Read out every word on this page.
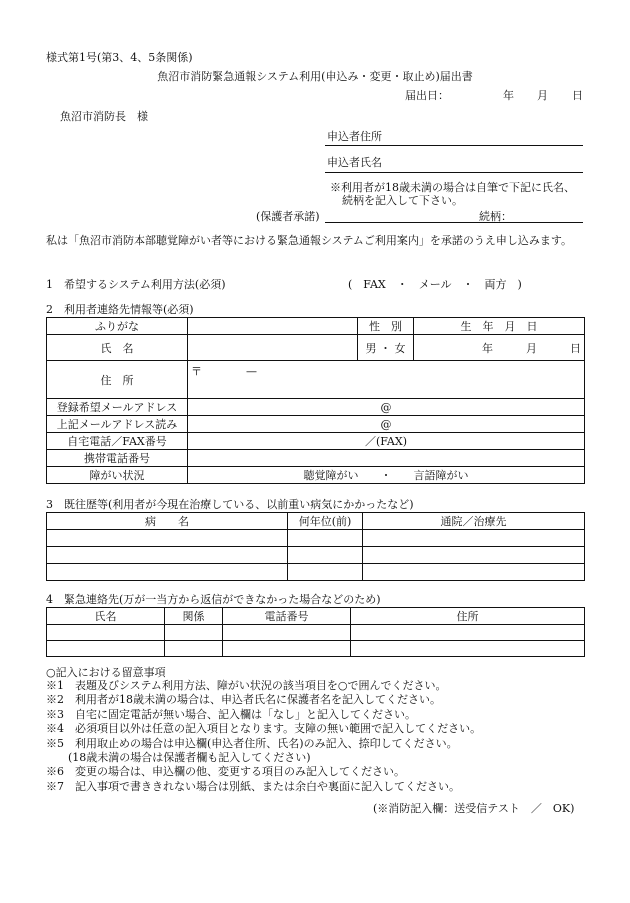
様式第1号(第3、4、5条関係)
魚沼市消防緊急通報システム利用(申込み・変更・取止め)届出書
届出日：	年 月 日
魚沼市消防長　様
申込者住所
申込者氏名
※利用者が18歳未満の場合は自筆で下記に氏名、
続柄を記入して下さい。
(保護者承諾)	続柄：
私は「魚沼市消防本部聴覚障がい者等における緊急通報システムご利用案内」を承諾のうえ申し込みます。
1　希望するシステム利用方法(必須)	(　FAX　・　メール　・　両方　)
2　利用者連絡先情報等(必須)
ふりがな		性　別	生　年　月　日
氏　名		男 ・ 女	年　　　 月　　　 日
住　所	〒　　　　—		
登録希望メールアドレス	@		
上記メールアドレス読み	@		
自宅電話／FAX番号	／(FAX)		
携帯電話番号			
障がい状況	聴覚障がい　　・　　言語障がい		
3　既往歴等(利用者が今現在治療している、以前重い病気にかかったなど)
病　　名	何年位(前)	通院／治療先

4　緊急連絡先(万が一当方から返信ができなかった場合などのため)
氏名	関係	電話番号	住所

○記入における留意事項
※1　表題及びシステム利用方法、障がい状況の該当項目を○で囲んでください。
※2　利用者が18歳未満の場合は、申込者氏名に保護者名を記入してください。
※3　自宅に固定電話が無い場合、記入欄は「なし」と記入してください。
※4　必須項目以外は任意の記入項目となります。支障の無い範囲で記入してください。
※5　利用取止めの場合は申込欄(申込者住所、氏名)のみ記入、捺印してください。
　　(18歳未満の場合は保護者欄も記入してください)
※6　変更の場合は、申込欄の他、変更する項目のみ記入してください。
※7　記入事項で書ききれない場合は別紙、または余白や裏面に記入してください。
(※消防記入欄：送受信テスト　／　OK)
